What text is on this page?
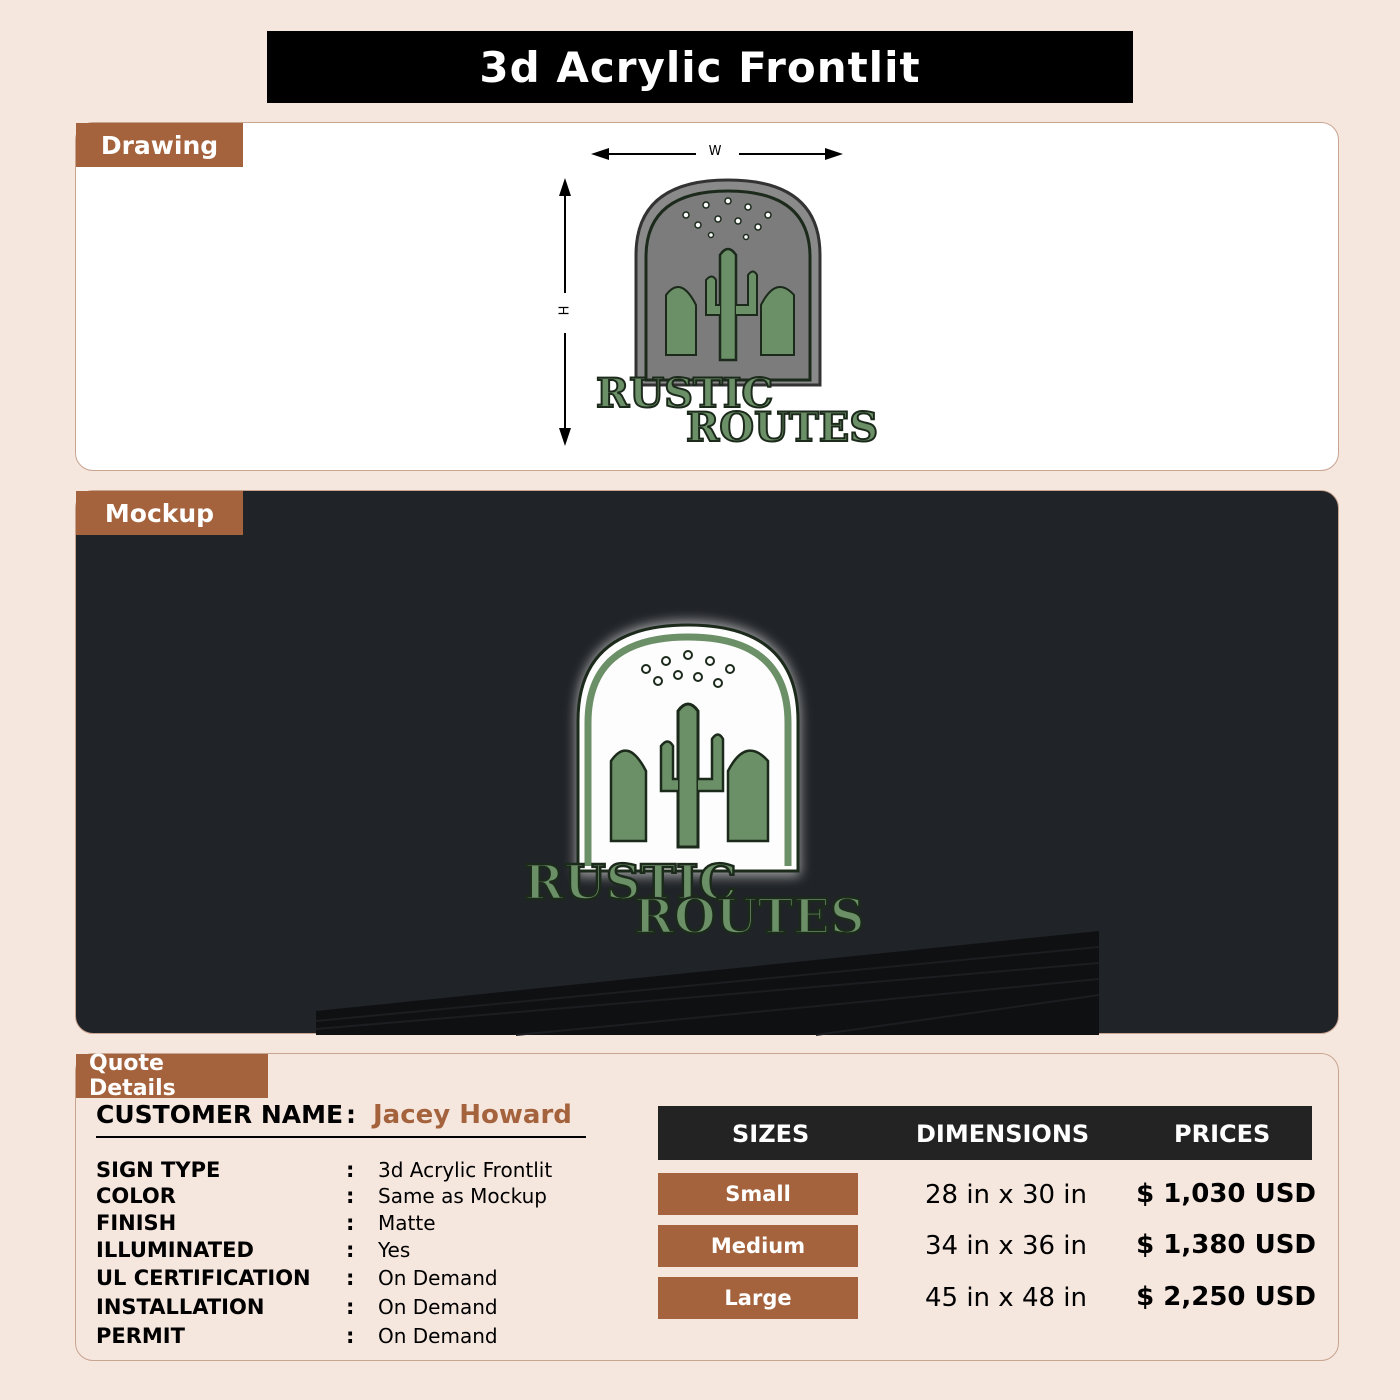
3d Acrylic Frontlit
Drawing	W
H
RUSTIC
ROUTES
Mockup
RUSTIC
ROUTES
Quote Details
CUSTOMER NAME : Jacey Howard
SIGN TYPE	: 3d Acrylic Frontlit
COLOR	: Same as Mockup
FINISH	: Matte
ILLUMINATED	: Yes
UL CERTIFICATION : On Demand
INSTALLATION	: On Demand
PERMIT	: On Demand
SIZES	DIMENSIONS	PRICES
Small	28 in x 30 in	$ 1,030 USD
Medium	34 in x 36 in	$ 1,380 USD
Large	45 in x 48 in	$ 2,250 USD
